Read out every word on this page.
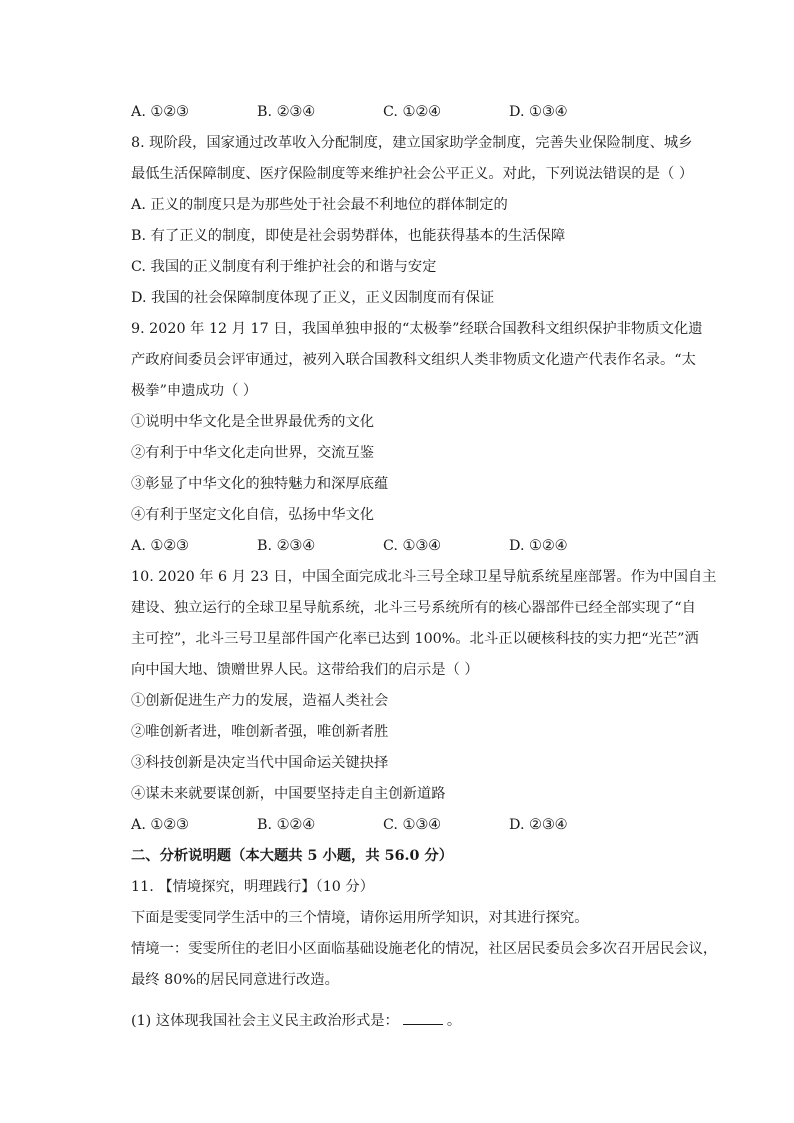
A. ①②③	B. ②③④	C. ①②④	D. ①③④
8. 现阶段，国家通过改革收入分配制度，建立国家助学金制度，完善失业保险制度、城乡
最低生活保障制度、医疗保险制度等来维护社会公平正义。对此，下列说法错误的是（ ）
A. 正义的制度只是为那些处于社会最不利地位的群体制定的
B. 有了正义的制度，即使是社会弱势群体，也能获得基本的生活保障
C. 我国的正义制度有利于维护社会的和谐与安定
D. 我国的社会保障制度体现了正义，正义因制度而有保证
9. 2020 年 12 月 17 日，我国单独申报的“太极拳”经联合国教科文组织保护非物质文化遗
产政府间委员会评审通过，被列入联合国教科文组织人类非物质文化遗产代表作名录。“太
极拳”申遗成功（ ）
①说明中华文化是全世界最优秀的文化
②有利于中华文化走向世界，交流互鉴
③彰显了中华文化的独特魅力和深厚底蕴
④有利于坚定文化自信，弘扬中华文化
A. ①②③	B. ②③④	C. ①③④	D. ①②④
10. 2020 年 6 月 23 日，中国全面完成北斗三号全球卫星导航系统星座部署。作为中国自主
建设、独立运行的全球卫星导航系统，北斗三号系统所有的核心器部件已经全部实现了“自
主可控”，北斗三号卫星部件国产化率已达到 100%。北斗正以硬核科技的实力把“光芒”洒
向中国大地、馈赠世界人民。这带给我们的启示是（ ）
①创新促进生产力的发展，造福人类社会
②唯创新者进，唯创新者强，唯创新者胜
③科技创新是决定当代中国命运关键抉择
④谋未来就要谋创新，中国要坚持走自主创新道路
A. ①②③	B. ①②④	C. ①③④	D. ②③④
二、分析说明题（本大题共 5 小题，共 56.0 分）
11. 【情境探究，明理践行】（10 分）
下面是雯雯同学生活中的三个情境，请你运用所学知识，对其进行探究。
情境一：雯雯所住的老旧小区面临基础设施老化的情况，社区居民委员会多次召开居民会议，
最终 80%的居民同意进行改造。
(1) 这体现我国社会主义民主政治形式是：	。
